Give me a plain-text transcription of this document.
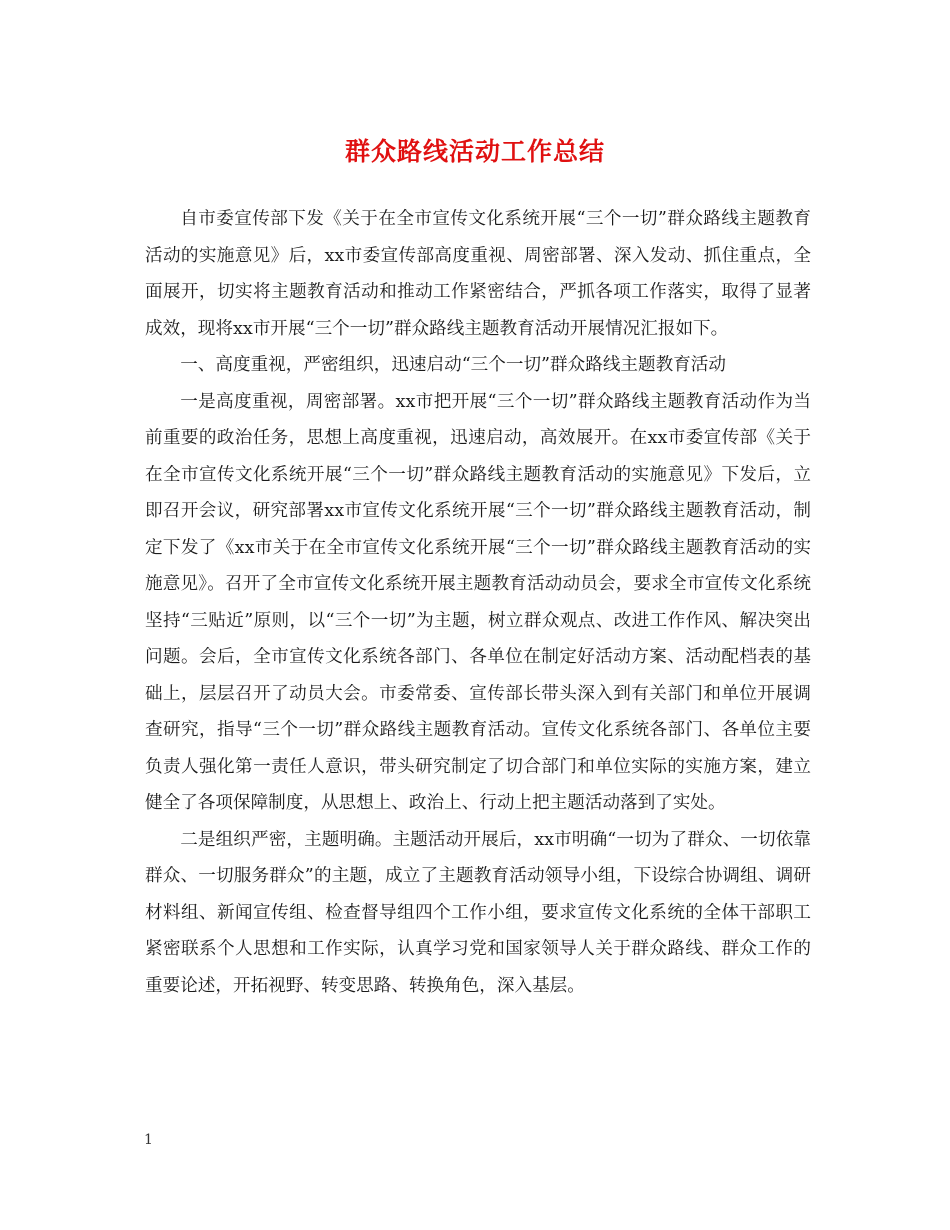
群众路线活动工作总结

自市委宣传部下发《关于在全市宣传文化系统开展“三个一切”群众路线主题教育活动的实施意见》后，xx市委宣传部高度重视、周密部署、深入发动、抓住重点，全面展开，切实将主题教育活动和推动工作紧密结合，严抓各项工作落实，取得了显著成效，现将xx市开展“三个一切”群众路线主题教育活动开展情况汇报如下。

一、高度重视，严密组织，迅速启动“三个一切”群众路线主题教育活动

一是高度重视，周密部署。xx市把开展“三个一切”群众路线主题教育活动作为当前重要的政治任务，思想上高度重视，迅速启动，高效展开。在xx市委宣传部《关于在全市宣传文化系统开展“三个一切”群众路线主题教育活动的实施意见》下发后，立即召开会议，研究部署xx市宣传文化系统开展“三个一切”群众路线主题教育活动，制定下发了《xx市关于在全市宣传文化系统开展“三个一切”群众路线主题教育活动的实施意见》。召开了全市宣传文化系统开展主题教育活动动员会，要求全市宣传文化系统坚持“三贴近”原则，以“三个一切”为主题，树立群众观点、改进工作作风、解决突出问题。会后，全市宣传文化系统各部门、各单位在制定好活动方案、活动配档表的基础上，层层召开了动员大会。市委常委、宣传部长带头深入到有关部门和单位开展调查研究，指导“三个一切”群众路线主题教育活动。宣传文化系统各部门、各单位主要负责人强化第一责任人意识，带头研究制定了切合部门和单位实际的实施方案，建立健全了各项保障制度，从思想上、政治上、行动上把主题活动落到了实处。

二是组织严密，主题明确。主题活动开展后，xx市明确“一切为了群众、一切依靠群众、一切服务群众”的主题，成立了主题教育活动领导小组，下设综合协调组、调研材料组、新闻宣传组、检查督导组四个工作小组，要求宣传文化系统的全体干部职工紧密联系个人思想和工作实际，认真学习党和国家领导人关于群众路线、群众工作的重要论述，开拓视野、转变思路、转换角色，深入基层。

1
